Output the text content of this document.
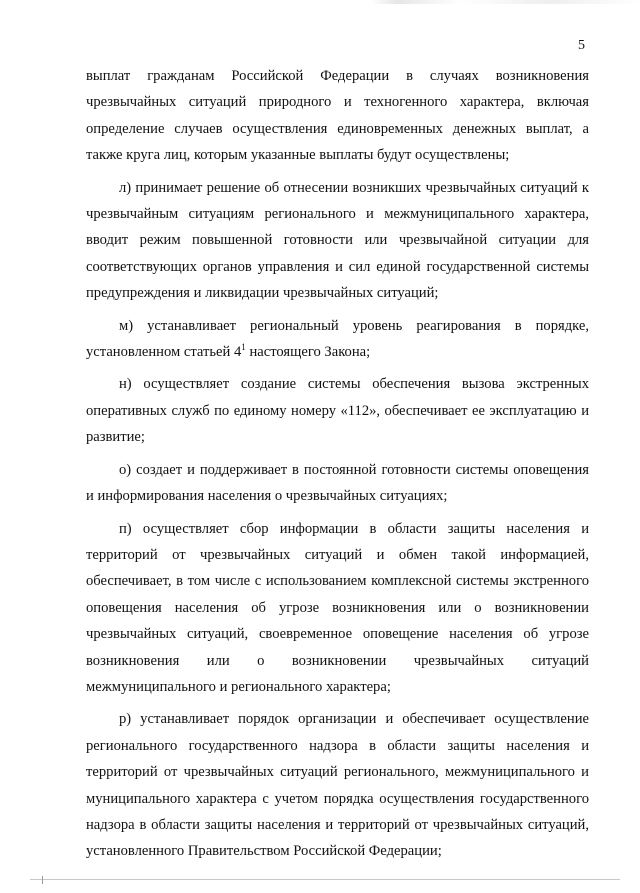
5

выплат гражданам Российской Федерации в случаях возникновения чрезвычайных ситуаций природного и техногенного характера, включая определение случаев осуществления единовременных денежных выплат, а также круга лиц, которым указанные выплаты будут осуществлены;

л) принимает решение об отнесении возникших чрезвычайных ситуаций к чрезвычайным ситуациям регионального и межмуниципального характера, вводит режим повышенной готовности или чрезвычайной ситуации для соответствующих органов управления и сил единой государственной системы предупреждения и ликвидации чрезвычайных ситуаций;

м) устанавливает региональный уровень реагирования в порядке, установленном статьей $4^1$ настоящего Закона;

н) осуществляет создание системы обеспечения вызова экстренных оперативных служб по единому номеру «112», обеспечивает ее эксплуатацию и развитие;

о) создает и поддерживает в постоянной готовности системы оповещения и информирования населения о чрезвычайных ситуациях;

п) осуществляет сбор информации в области защиты населения и территорий от чрезвычайных ситуаций и обмен такой информацией, обеспечивает, в том числе с использованием комплексной системы экстренного оповещения населения об угрозе возникновения или о возникновении чрезвычайных ситуаций, своевременное оповещение населения об угрозе возникновения или о возникновении чрезвычайных ситуаций межмуниципального и регионального характера;

р) устанавливает порядок организации и обеспечивает осуществление регионального государственного надзора в области защиты населения и территорий от чрезвычайных ситуаций регионального, межмуниципального и муниципального характера с учетом порядка осуществления государственного надзора в области защиты населения и территорий от чрезвычайных ситуаций, установленного Правительством Российской Федерации;
